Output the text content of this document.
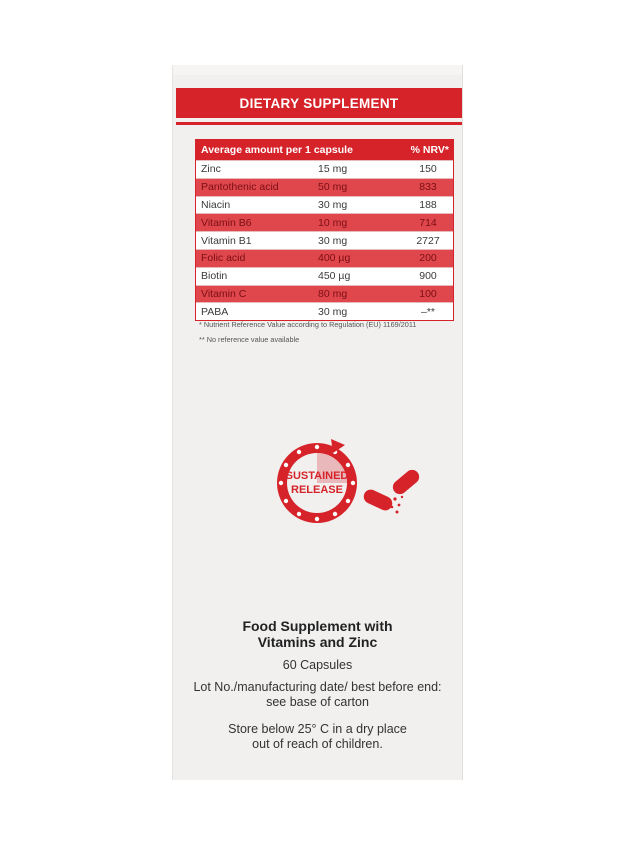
DIETARY SUPPLEMENT
Average amount per 1 capsule	% NRV*
Zinc	15 mg	150
Pantothenic acid	50 mg	833
Niacin	30 mg	188
Vitamin B6	10 mg	714
Vitamin B1	30 mg	2727
Folic acid	400 µg	200
Biotin	450 µg	900
Vitamin C	80 mg	100
PABA	30 mg	–**
* Nutrient Reference Value according to Regulation (EU) 1169/2011
** No reference value available
SUSTAINED
RELEASE
Food Supplement with
Vitamins and Zinc
60 Capsules
Lot No./manufacturing date/ best before end:
see base of carton
Store below 25° C in a dry place
out of reach of children.
